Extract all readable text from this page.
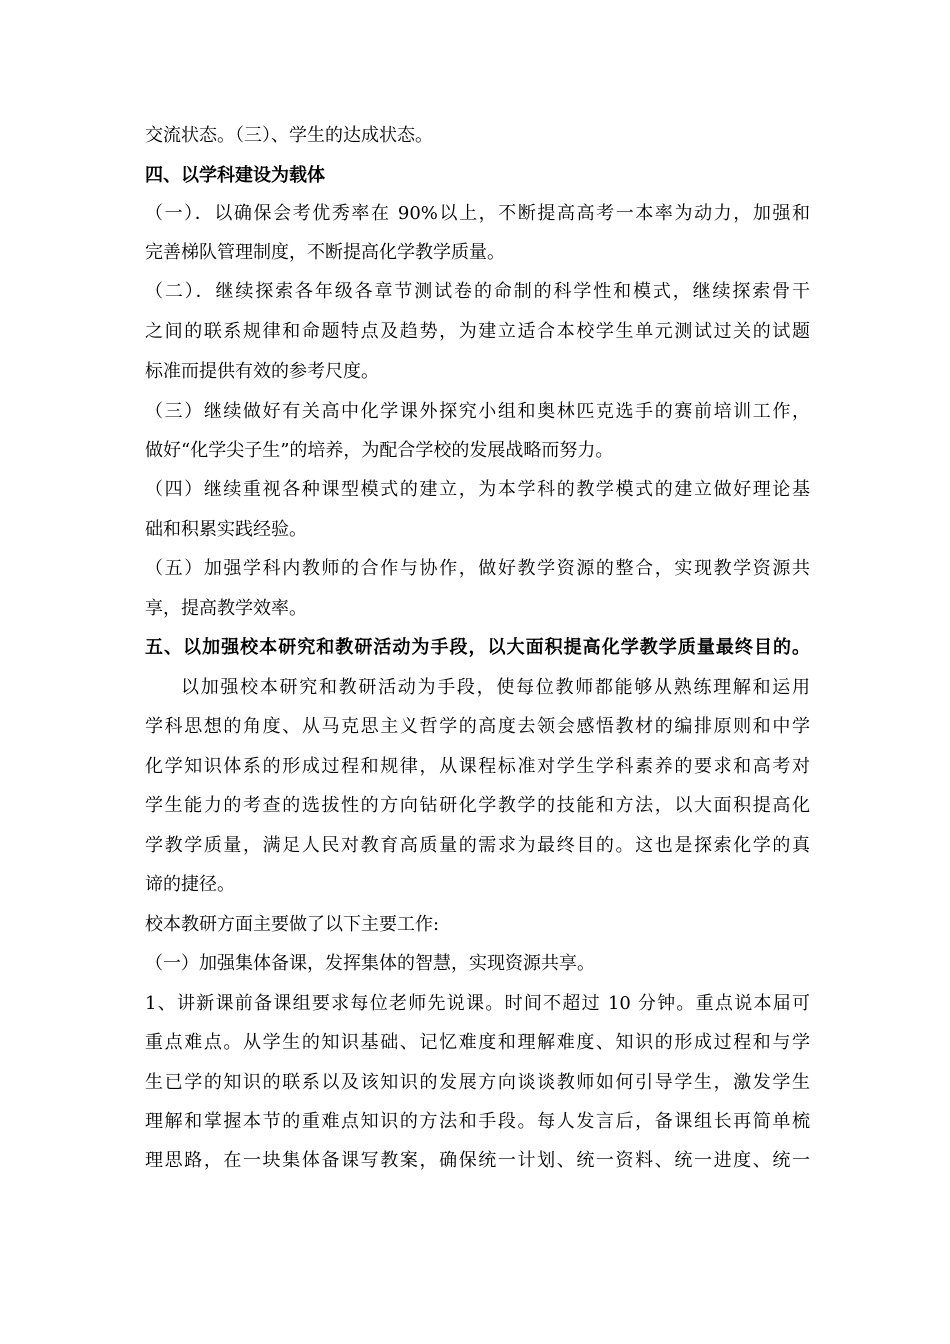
交流状态。（三）、学生的达成状态。
四、以学科建设为载体
（一）．以确保会考优秀率在 90%以上，不断提高高考一本率为动力，加强和
完善梯队管理制度，不断提高化学教学质量。
（二）．继续探索各年级各章节测试卷的命制的科学性和模式，继续探索骨干
之间的联系规律和命题特点及趋势，为建立适合本校学生单元测试过关的试题
标准而提供有效的参考尺度。
（三）继续做好有关高中化学课外探究小组和奥林匹克选手的赛前培训工作，
做好“化学尖子生”的培养，为配合学校的发展战略而努力。
（四）继续重视各种课型模式的建立，为本学科的教学模式的建立做好理论基
础和积累实践经验。
（五）加强学科内教师的合作与协作，做好教学资源的整合，实现教学资源共
享，提高教学效率。
五、以加强校本研究和教研活动为手段，以大面积提高化学教学质量最终目的。
以加强校本研究和教研活动为手段，使每位教师都能够从熟练理解和运用
学科思想的角度、从马克思主义哲学的高度去领会感悟教材的编排原则和中学
化学知识体系的形成过程和规律，从课程标准对学生学科素养的要求和高考对
学生能力的考查的选拔性的方向钻研化学教学的技能和方法，以大面积提高化
学教学质量，满足人民对教育高质量的需求为最终目的。这也是探索化学的真
谛的捷径。
校本教研方面主要做了以下主要工作:
（一）加强集体备课，发挥集体的智慧，实现资源共享。
1、讲新课前备课组要求每位老师先说课。时间不超过 10 分钟。重点说本届可
重点难点。从学生的知识基础、记忆难度和理解难度、知识的形成过程和与学
生已学的知识的联系以及该知识的发展方向谈谈教师如何引导学生，激发学生
理解和掌握本节的重难点知识的方法和手段。每人发言后，备课组长再简单梳
理思路，在一块集体备课写教案，确保统一计划、统一资料、统一进度、统一
